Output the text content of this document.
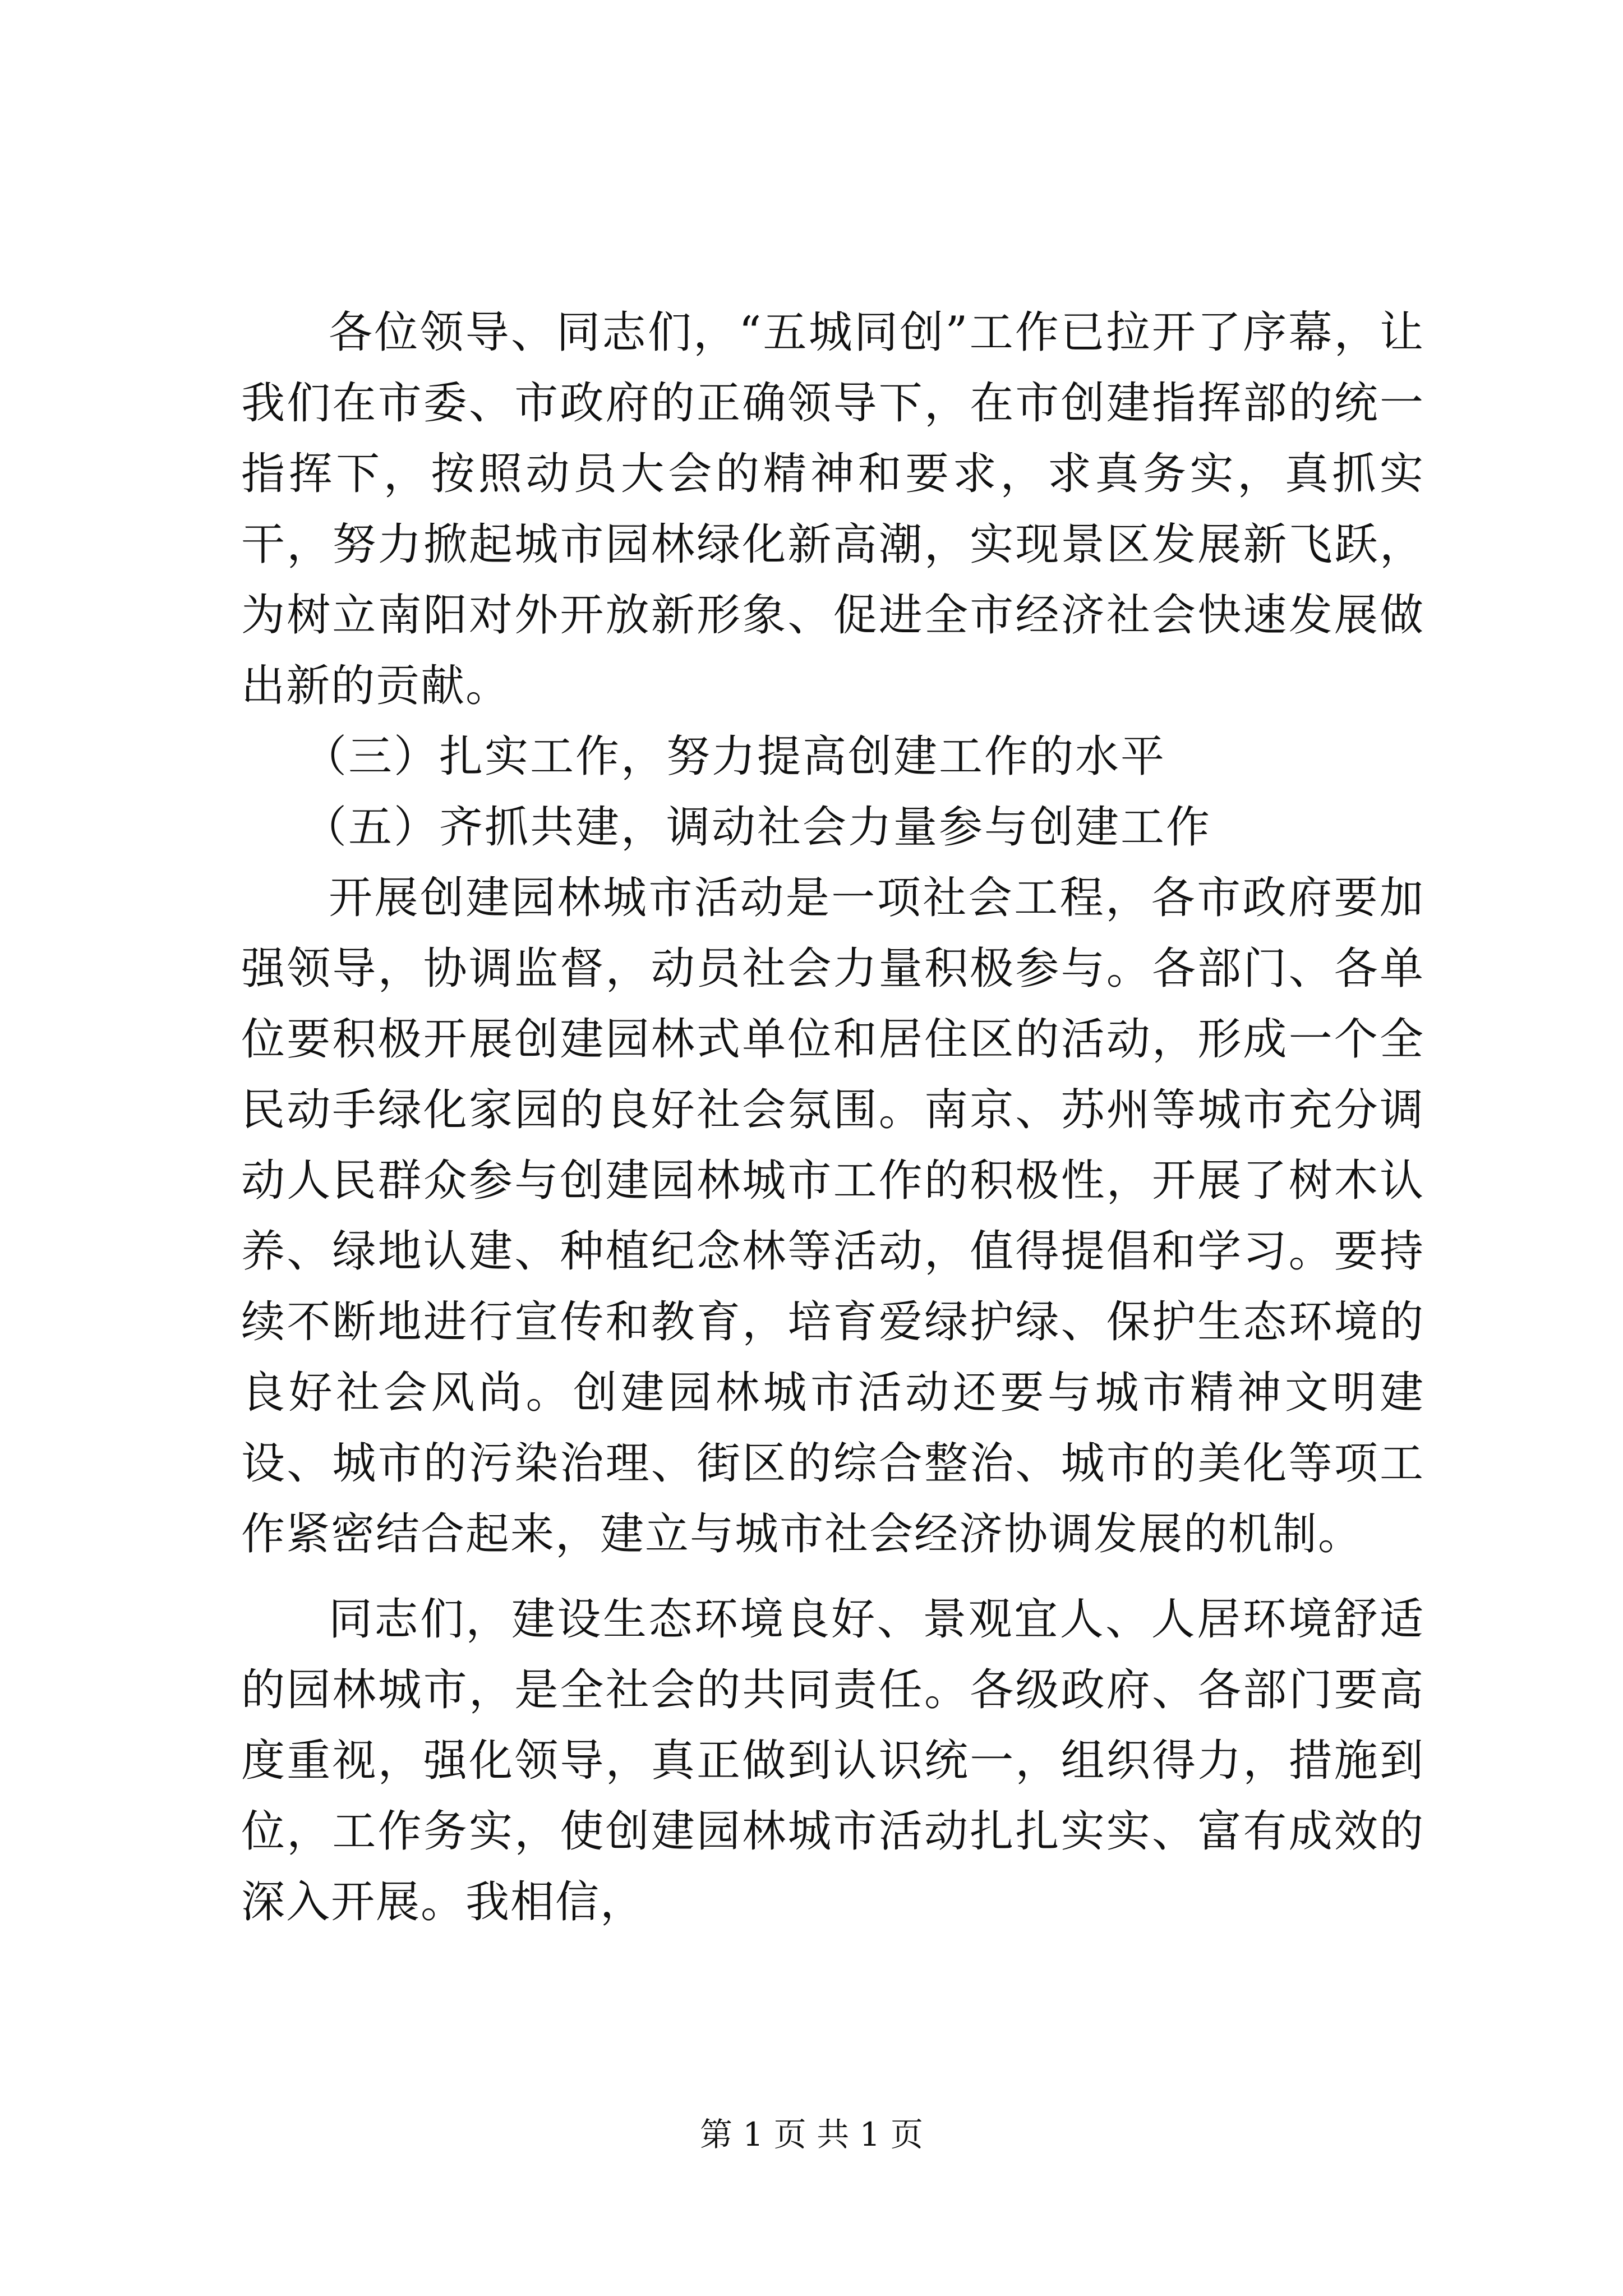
各位领导、同志们，“五城同创”工作已拉开了序幕，让我们在市委、市政府的正确领导下，在市创建指挥部的统一指挥下，按照动员大会的精神和要求，求真务实，真抓实干，努力掀起城市园林绿化新高潮，实现景区发展新飞跃，为树立南阳对外开放新形象、促进全市经济社会快速发展做出新的贡献。

（三）扎实工作，努力提高创建工作的水平

（五）齐抓共建，调动社会力量参与创建工作

开展创建园林城市活动是一项社会工程，各市政府要加强领导，协调监督，动员社会力量积极参与。各部门、各单位要积极开展创建园林式单位和居住区的活动，形成一个全民动手绿化家园的良好社会氛围。南京、苏州等城市充分调动人民群众参与创建园林城市工作的积极性，开展了树木认养、绿地认建、种植纪念林等活动，值得提倡和学习。要持续不断地进行宣传和教育，培育爱绿护绿、保护生态环境的良好社会风尚。创建园林城市活动还要与城市精神文明建设、城市的污染治理、街区的综合整治、城市的美化等项工作紧密结合起来，建立与城市社会经济协调发展的机制。

同志们，建设生态环境良好、景观宜人、人居环境舒适的园林城市，是全社会的共同责任。各级政府、各部门要高度重视，强化领导，真正做到认识统一，组织得力，措施到位，工作务实，使创建园林城市活动扎扎实实、富有成效的深入开展。我相信，

第 1 页 共 1 页
